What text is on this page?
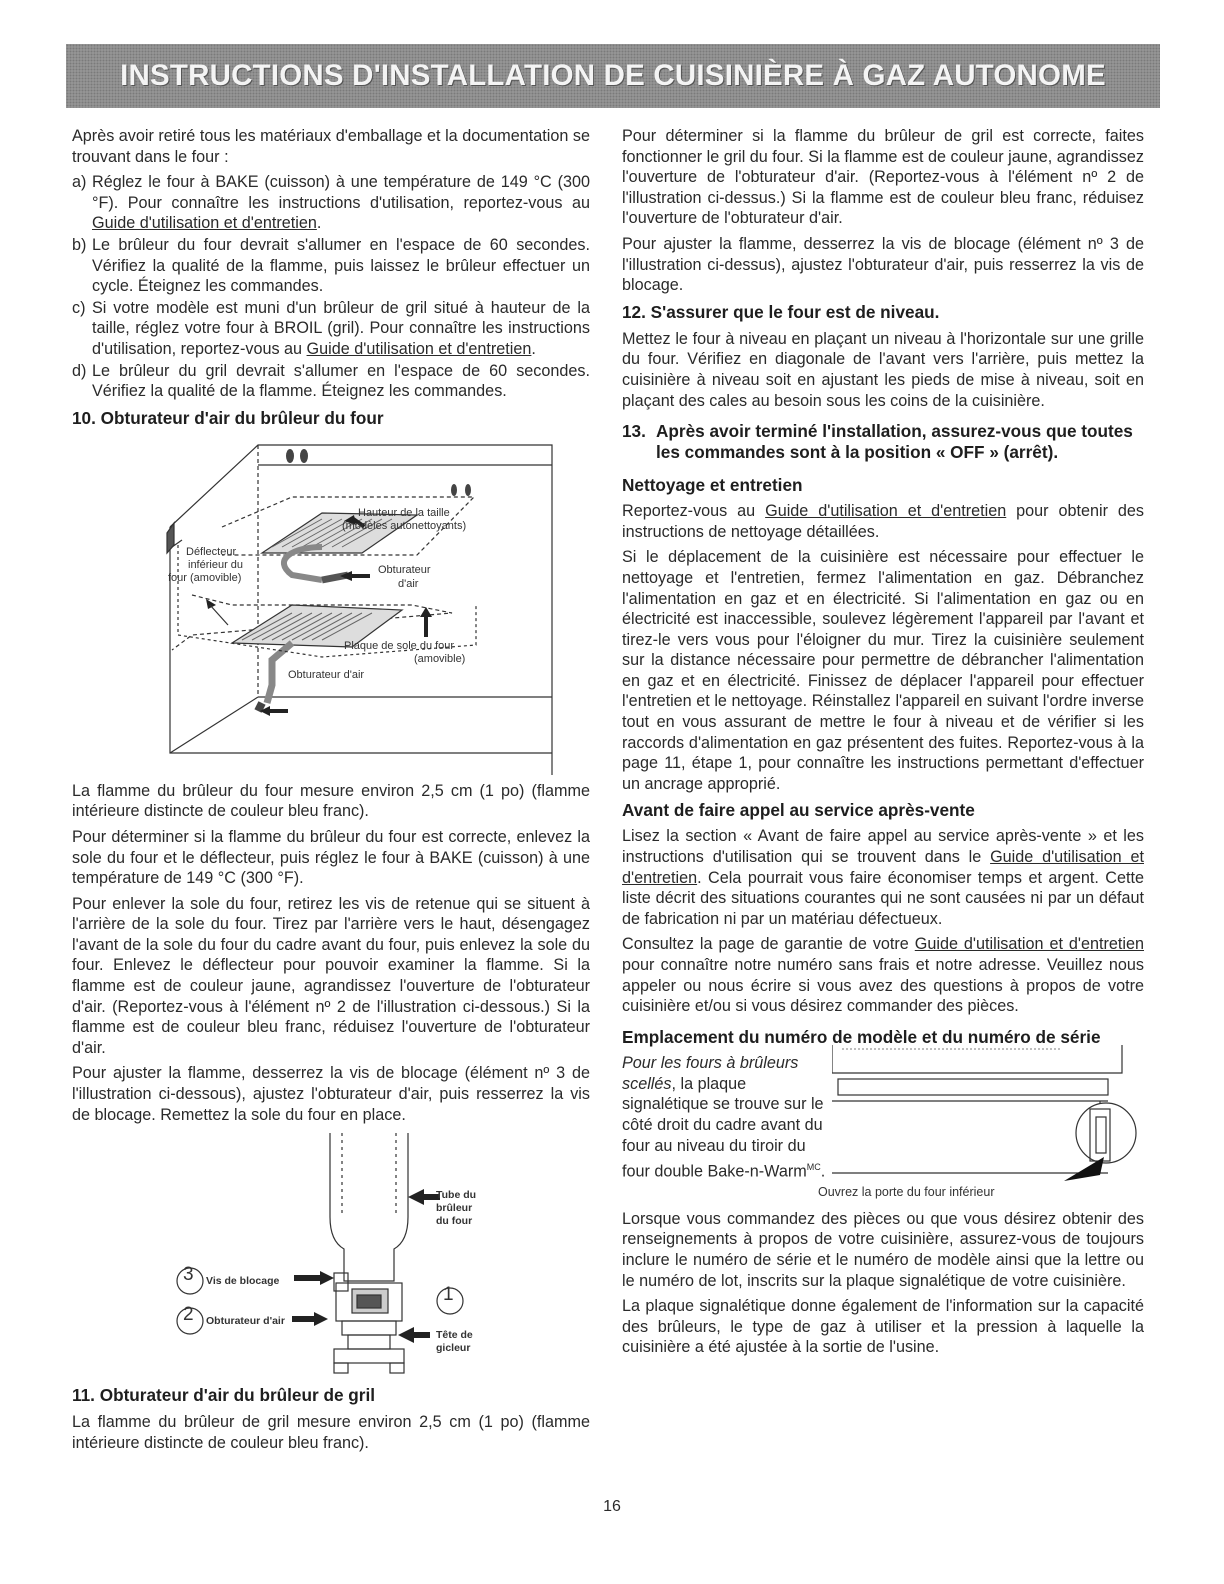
INSTRUCTIONS D'INSTALLATION DE CUISINIÈRE À GAZ AUTONOME

Après avoir retiré tous les matériaux d'emballage et la documentation se trouvant dans le four :

a) Réglez le four à BAKE (cuisson) à une température de 149 °C (300 °F). Pour connaître les instructions d'utilisation, reportez-vous au Guide d'utilisation et d'entretien.
b) Le brûleur du four devrait s'allumer en l'espace de 60 secondes. Vérifiez la qualité de la flamme, puis laissez le brûleur effectuer un cycle. Éteignez les commandes.
c) Si votre modèle est muni d'un brûleur de gril situé à hauteur de la taille, réglez votre four à BROIL (gril). Pour connaître les instructions d'utilisation, reportez-vous au Guide d'utilisation et d'entretien.
d) Le brûleur du gril devrait s'allumer en l'espace de 60 secondes. Vérifiez la qualité de la flamme. Éteignez les commandes.
10. Obturateur d'air du brûleur du four
Hauteur de la taille
(modèles autonettoyants)
Déflecteur
inférieur du
four (amovible)
Obturateur
d'air
Plaque de sole du four
(amovible)
Obturateur d'air

La flamme du brûleur du four mesure environ 2,5 cm (1 po) (flamme intérieure distincte de couleur bleu franc).

Pour déterminer si la flamme du brûleur du four est correcte, enlevez la sole du four et le déflecteur, puis réglez le four à BAKE (cuisson) à une température de 149 °C (300 °F).

Pour enlever la sole du four, retirez les vis de retenue qui se situent à l'arrière de la sole du four. Tirez par l'arrière vers le haut, désengagez l'avant de la sole du four du cadre avant du four, puis enlevez la sole du four. Enlevez le déflecteur pour pouvoir examiner la flamme. Si la flamme est de couleur jaune, agrandissez l'ouverture de l'obturateur d'air. (Reportez-vous à l'élément nº 2 de l'illustration ci-dessous.) Si la flamme est de couleur bleu franc, réduisez l'ouverture de l'obturateur d'air.

Pour ajuster la flamme, desserrez la vis de blocage (élément nº 3 de l'illustration ci-dessous), ajustez l'obturateur d'air, puis resserrez la vis de blocage. Remettez la sole du four en place.

Tube du
brûleur
du four
3 Vis de blocage
2 Obturateur d'air
1
Tête de
gicleur
11. Obturateur d'air du brûleur de gril

La flamme du brûleur de gril mesure environ 2,5 cm (1 po) (flamme intérieure distincte de couleur bleu franc).

Pour déterminer si la flamme du brûleur de gril est correcte, faites fonctionner le gril du four. Si la flamme est de couleur jaune, agrandissez l'ouverture de l'obturateur d'air. (Reportez-vous à l'élément nº 2 de l'illustration ci-dessus.) Si la flamme est de couleur bleu franc, réduisez l'ouverture de l'obturateur d'air.

Pour ajuster la flamme, desserrez la vis de blocage (élément nº 3 de l'illustration ci-dessus), ajustez l'obturateur d'air, puis resserrez la vis de blocage.

12. S'assurer que le four est de niveau.

Mettez le four à niveau en plaçant un niveau à l'horizontale sur une grille du four. Vérifiez en diagonale de l'avant vers l'arrière, puis mettez la cuisinière à niveau soit en ajustant les pieds de mise à niveau, soit en plaçant des cales au besoin sous les coins de la cuisinière.

13. Après avoir terminé l'installation, assurez-vous que toutes les commandes sont à la position « OFF » (arrêt).
Nettoyage et entretien

Reportez-vous au Guide d'utilisation et d'entretien pour obtenir des instructions de nettoyage détaillées.

Si le déplacement de la cuisinière est nécessaire pour effectuer le nettoyage et l'entretien, fermez l'alimentation en gaz. Débranchez l'alimentation en gaz et en électricité. Si l'alimentation en gaz ou en électricité est inaccessible, soulevez légèrement l'appareil par l'avant et tirez-le vers vous pour l'éloigner du mur. Tirez la cuisinière seulement sur la distance nécessaire pour permettre de débrancher l'alimentation en gaz et en électricité. Finissez de déplacer l'appareil pour effectuer l'entretien et le nettoyage. Réinstallez l'appareil en suivant l'ordre inverse tout en vous assurant de mettre le four à niveau et de vérifier si les raccords d'alimentation en gaz présentent des fuites. Reportez-vous à la page 11, étape 1, pour connaître les instructions permettant d'effectuer un ancrage approprié.

Avant de faire appel au service après-vente

Lisez la section « Avant de faire appel au service après-vente » et les instructions d'utilisation qui se trouvent dans le Guide d'utilisation et d'entretien. Cela pourrait vous faire économiser temps et argent. Cette liste décrit des situations courantes qui ne sont causées ni par un défaut de fabrication ni par un matériau défectueux.

Consultez la page de garantie de votre Guide d'utilisation et d'entretien pour connaître notre numéro sans frais et notre adresse. Veuillez nous appeler ou nous écrire si vous avez des questions à propos de votre cuisinière et/ou si vous désirez commander des pièces.

Emplacement du numéro de modèle et du numéro de série
Pour les fours à brûleurs scellés, la plaque signalétique se trouve sur le côté droit du cadre avant du four au niveau du tiroir du four double Bake-n-Warm$^{MC}$.
Ouvrez la porte du four inférieur

Lorsque vous commandez des pièces ou que vous désirez obtenir des renseignements à propos de votre cuisinière, assurez-vous de toujours inclure le numéro de série et le numéro de modèle ainsi que la lettre ou le numéro de lot, inscrits sur la plaque signalétique de votre cuisinière.

La plaque signalétique donne également de l'information sur la capacité des brûleurs, le type de gaz à utiliser et la pression à laquelle la cuisinière a été ajustée à la sortie de l'usine.

16
